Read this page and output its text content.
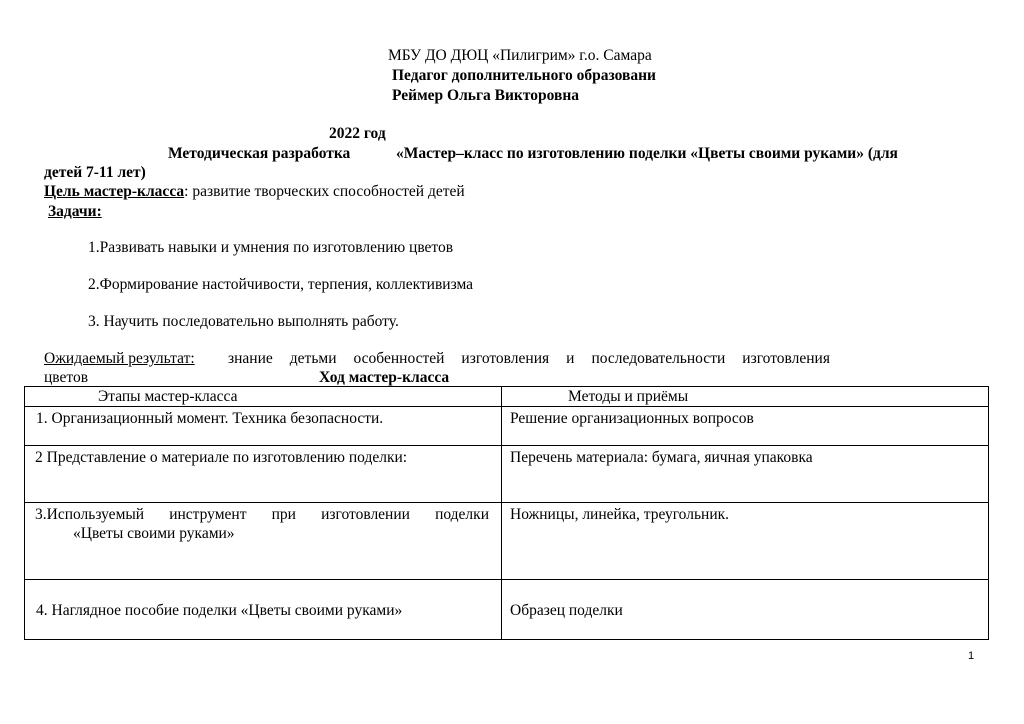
МБУ ДО ДЮЦ «Пилигрим» г.о. Самара
Педагог дополнительного образовани
Реймер Ольга Викторовна
2022 год
Методическая разработка	«Мастер–класс по изготовлению поделки «Цветы своими руками» (для
детей 7-11 лет)
Цель мастер-класса: развитие творческих способностей детей
Задачи:
1.Развивать навыки и умнения по изготовлению цветов
2.Формирование настойчивости, терпения, коллективизма
3. Научить последовательно выполнять работу.
Ожидаемый результат: знание детьми особенностей изготовления и последовательности изготовления
цветов	Ход мастер-класса
Этапы мастер-класса	Методы и приёмы

1. Организационный момент. Техника безопасности.	Решение организационных вопросов

2 Представление о материале по изготовлению поделки:	Перечень материала: бумага, яичная упаковка

3.Используемый инструмент при изготовлении поделки
«Цветы своими руками»	Ножницы, линейка, треугольник.

4. Наглядное пособие поделки «Цветы своими руками»	Образец поделки
1
